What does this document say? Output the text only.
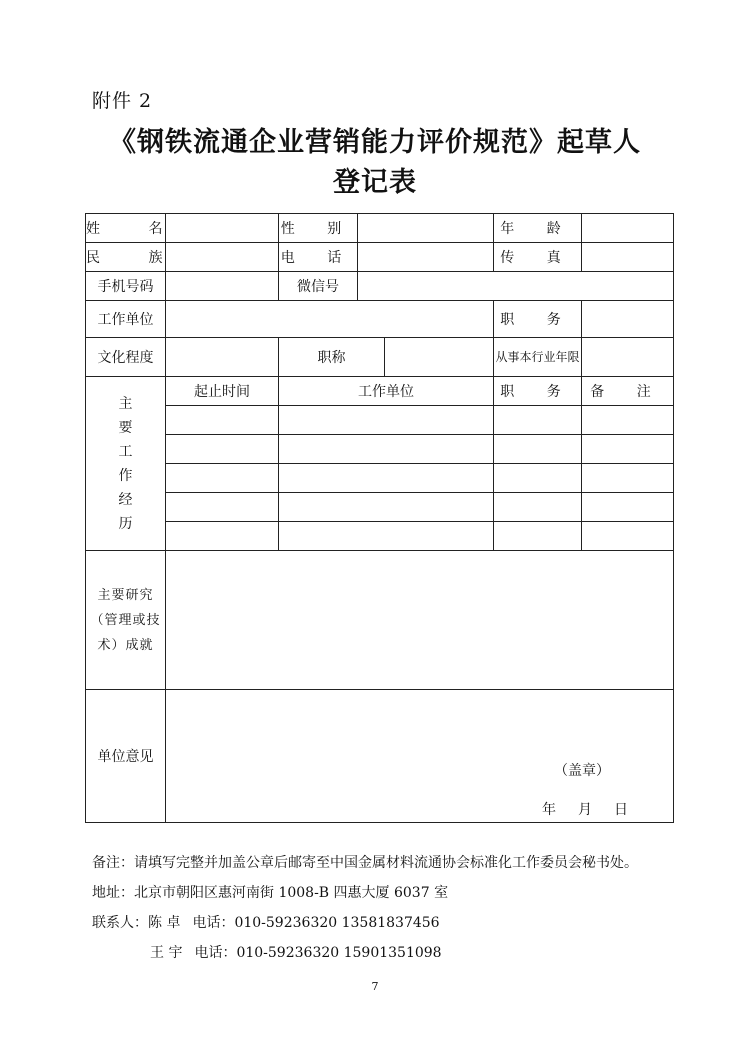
附件 2
《钢铁流通企业营销能力评价规范》起草人
登记表
姓 名		性 别			年 龄	
民 族		电 话			传 真	
手机号码		微信号				
工作单位					职 务	
文化程度		职称			从事本行业年限	
主要工作经历	起止时间	工作单位			职 务	备 注

主要研究（管理或技术）成就						
单位意见	（盖章）
年 月 日					
备注：请填写完整并加盖公章后邮寄至中国金属材料流通协会标准化工作委员会秘书处。
地址：北京市朝阳区惠河南街 1008-B 四惠大厦 6037 室
联系人：陈 卓 电话：010-59236320 13581837456
王 宇 电话：010-59236320 15901351098
7
